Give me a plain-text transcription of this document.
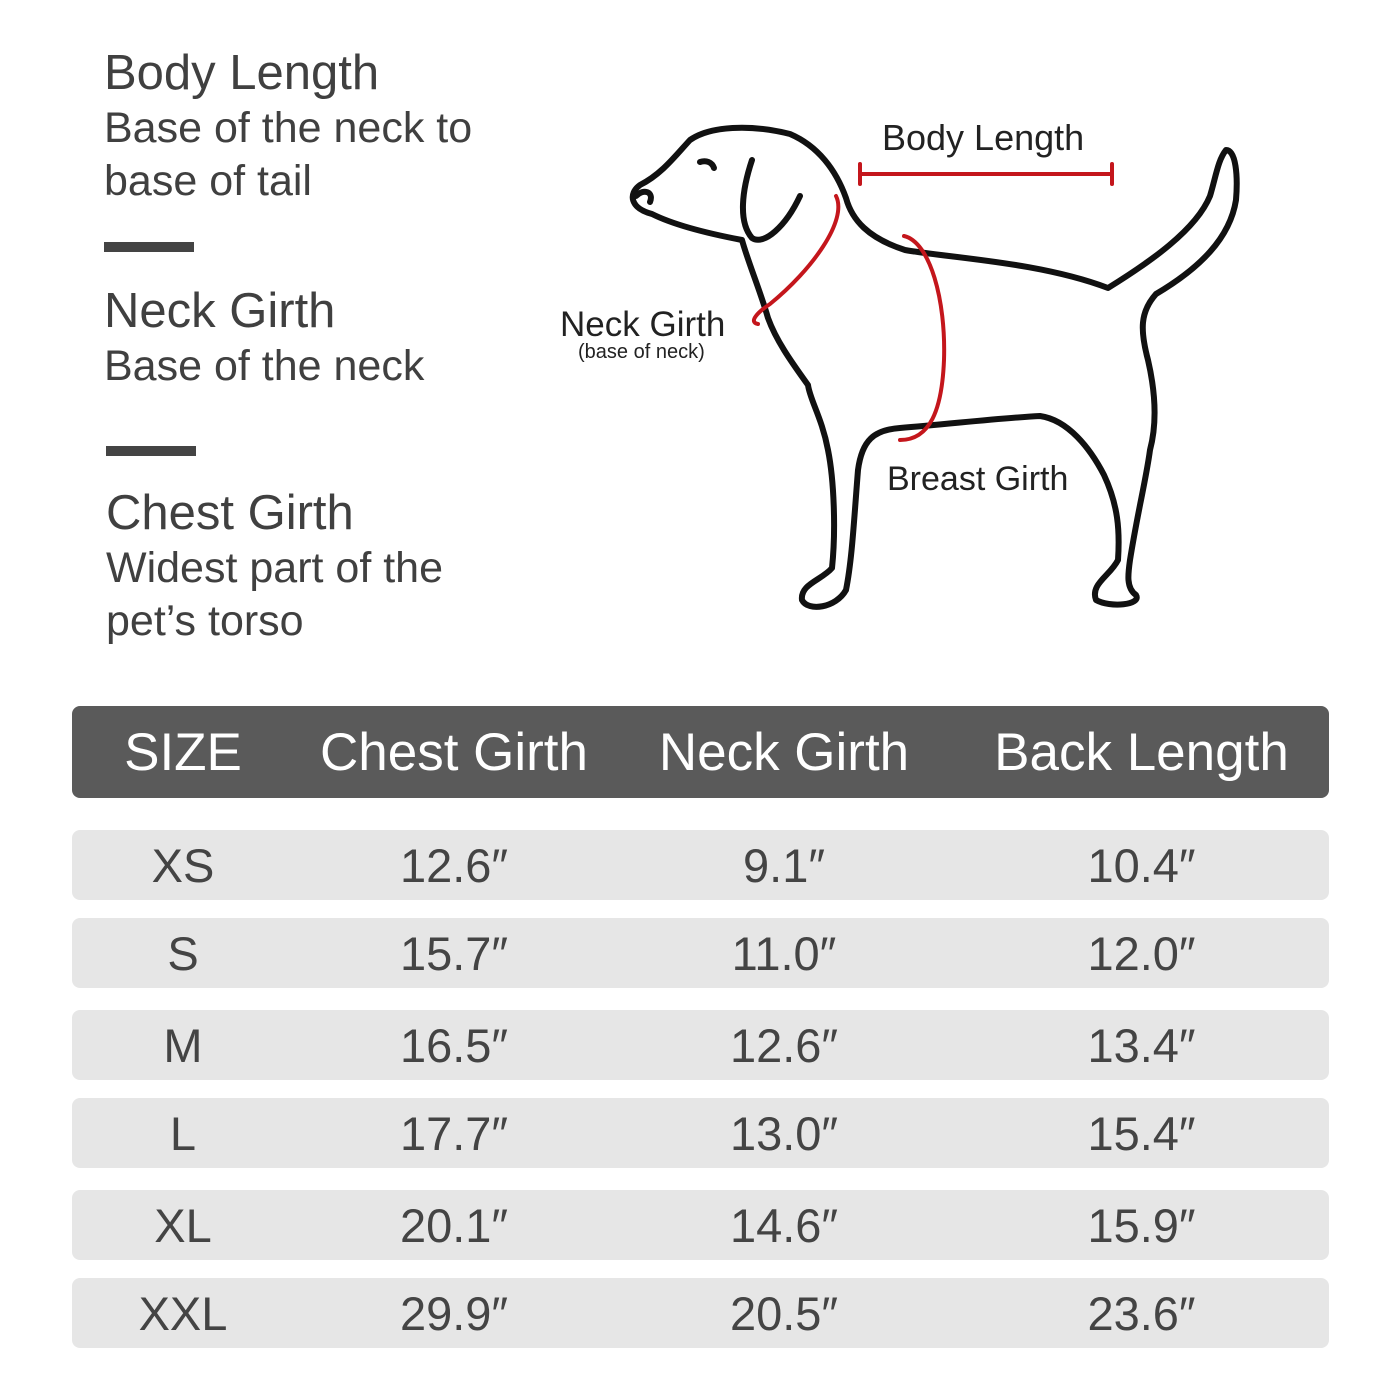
Body Length

Base of the neck to

base of tail

Neck Girth

Base of the neck

Chest Girth

Widest part of the

pet’s torso

Body Length
Neck Girth
(base of neck)
Breast Girth
SIZE	Chest Girth	Neck Girth	Back Length
XS	12.6″	9.1″	10.4″
S	15.7″	11.0″	12.0″
M	16.5″	12.6″	13.4″
L	17.7″	13.0″	15.4″
XL	20.1″	14.6″	15.9″
XXL	29.9″	20.5″	23.6″
